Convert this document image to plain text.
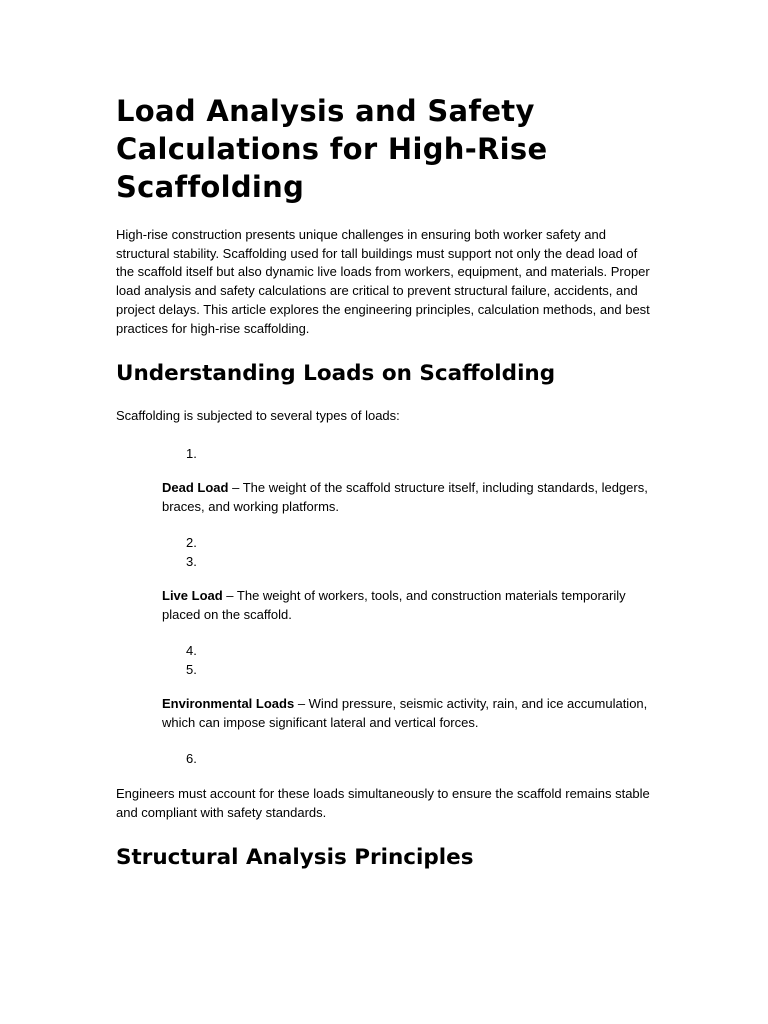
Load Analysis and Safety Calculations for High-Rise Scaffolding

High-rise construction presents unique challenges in ensuring both worker safety and structural stability. Scaffolding used for tall buildings must support not only the dead load of the scaffold itself but also dynamic live loads from workers, equipment, and materials. Proper load analysis and safety calculations are critical to prevent structural failure, accidents, and project delays. This article explores the engineering principles, calculation methods, and best practices for high-rise scaffolding.

Understanding Loads on Scaffolding

Scaffolding is subjected to several types of loads:

1.

Dead Load – The weight of the scaffold structure itself, including standards, ledgers, braces, and working platforms.

2.
3.

Live Load – The weight of workers, tools, and construction materials temporarily placed on the scaffold.

4.
5.

Environmental Loads – Wind pressure, seismic activity, rain, and ice accumulation, which can impose significant lateral and vertical forces.

6.

Engineers must account for these loads simultaneously to ensure the scaffold remains stable and compliant with safety standards.

Structural Analysis Principles
